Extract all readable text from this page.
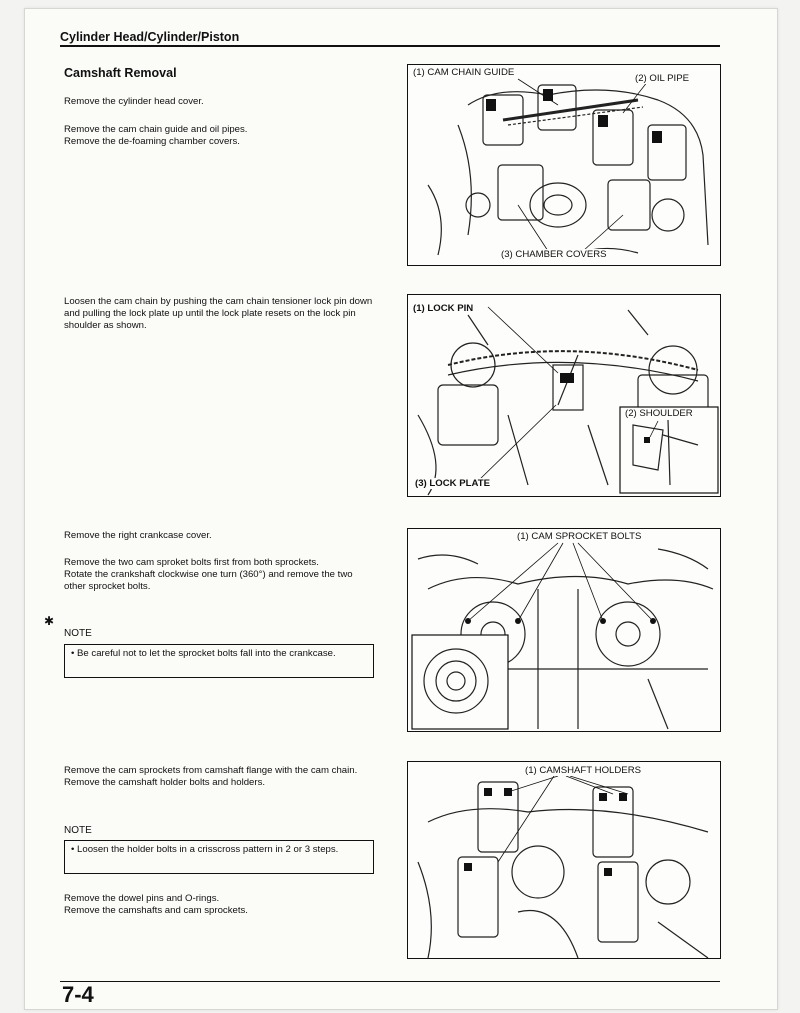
Cylinder Head/Cylinder/Piston
Camshaft Removal
Remove the cylinder head cover.
Remove the cam chain guide and oil pipes.
Remove the de-foaming chamber covers.
Loosen the cam chain by pushing the cam chain tensioner lock pin down and pulling the lock plate up until the lock plate resets on the lock pin shoulder as shown.
Remove the right crankcase cover.
Remove the two cam sproket bolts first from both sprockets.
Rotate the crankshaft clockwise one turn (360°) and remove the two other sprocket bolts.
✱
NOTE
• Be careful not to let the sprocket bolts fall into the crankcase.
Remove the cam sprockets from camshaft flange with the cam chain.
Remove the camshaft holder bolts and holders.
NOTE
• Loosen the holder bolts in a crisscross pattern in 2 or 3 steps.
Remove the dowel pins and O-rings.
Remove the camshafts and cam sprockets.
(1) CAM CHAIN GUIDE
(2) OIL PIPE
(3) CHAMBER COVERS
(1) LOCK PIN
(2) SHOULDER
(3) LOCK PLATE
(1) CAM SPROCKET BOLTS
(1) CAMSHAFT HOLDERS
7-4
